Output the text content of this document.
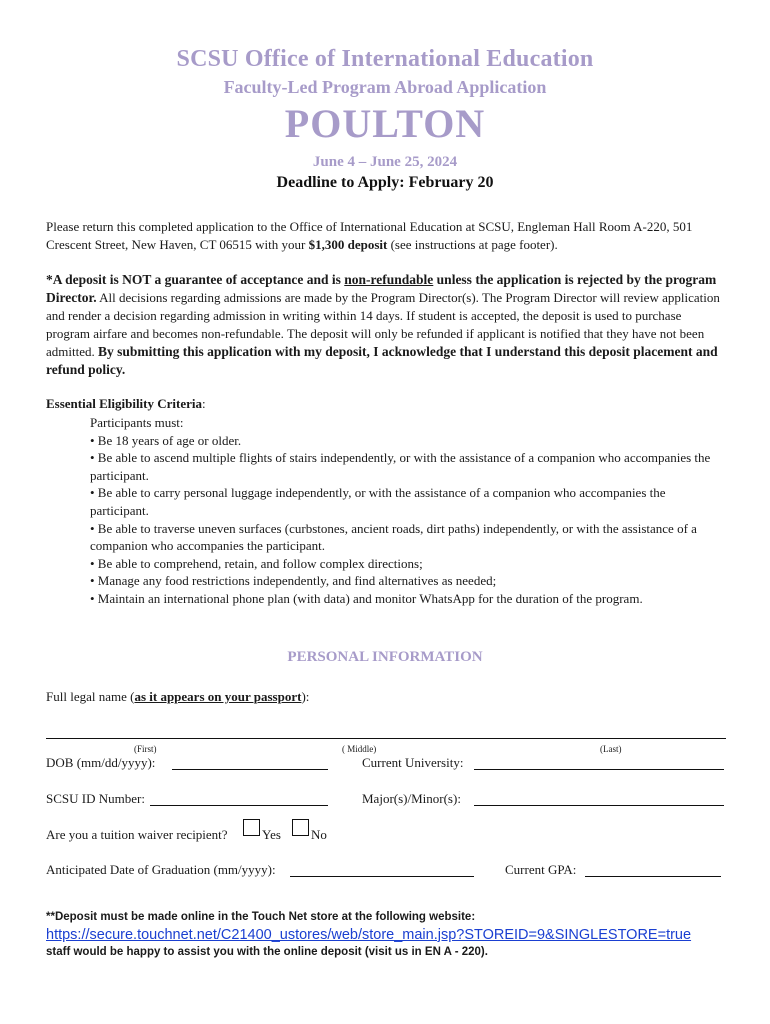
SCSU Office of International Education
Faculty-Led Program Abroad Application
POULTON
June 4 – June 25, 2024
Deadline to Apply: February 20
Please return this completed application to the Office of International Education at SCSU, Engleman Hall Room A-220, 501 Crescent Street, New Haven, CT 06515 with your $1,300 deposit (see instructions at page footer).
*A deposit is NOT a guarantee of acceptance and is non-refundable unless the application is rejected by the program Director. All decisions regarding admissions are made by the Program Director(s). The Program Director will review application and render a decision regarding admission in writing within 14 days. If student is accepted, the deposit is used to purchase program airfare and becomes non-refundable. The deposit will only be refunded if applicant is notified that they have not been admitted. By submitting this application with my deposit, I acknowledge that I understand this deposit placement and refund policy.
Essential Eligibility Criteria:
Participants must:
• Be 18 years of age or older.
• Be able to ascend multiple flights of stairs independently, or with the assistance of a companion who accompanies the participant.
• Be able to carry personal luggage independently, or with the assistance of a companion who accompanies the participant.
• Be able to traverse uneven surfaces (curbstones, ancient roads, dirt paths) independently, or with the assistance of a companion who accompanies the participant.
• Be able to comprehend, retain, and follow complex directions;
• Manage any food restrictions independently, and find alternatives as needed;
• Maintain an international phone plan (with data) and monitor WhatsApp for the duration of the program.
PERSONAL INFORMATION
Full legal name (as it appears on your passport):
(First)	( Middle)	(Last)
DOB (mm/dd/yyyy):	Current University:
SCSU ID Number:	Major(s)/Minor(s):
Are you a tuition waiver recipient?	Yes No
Anticipated Date of Graduation (mm/yyyy):	Current GPA:
**Deposit must be made online in the Touch Net store at the following website:
https://secure.touchnet.net/C21400_ustores/web/store_main.jsp?STOREID=9&SINGLESTORE=true
staff would be happy to assist you with the online deposit (visit us in EN A - 220).
